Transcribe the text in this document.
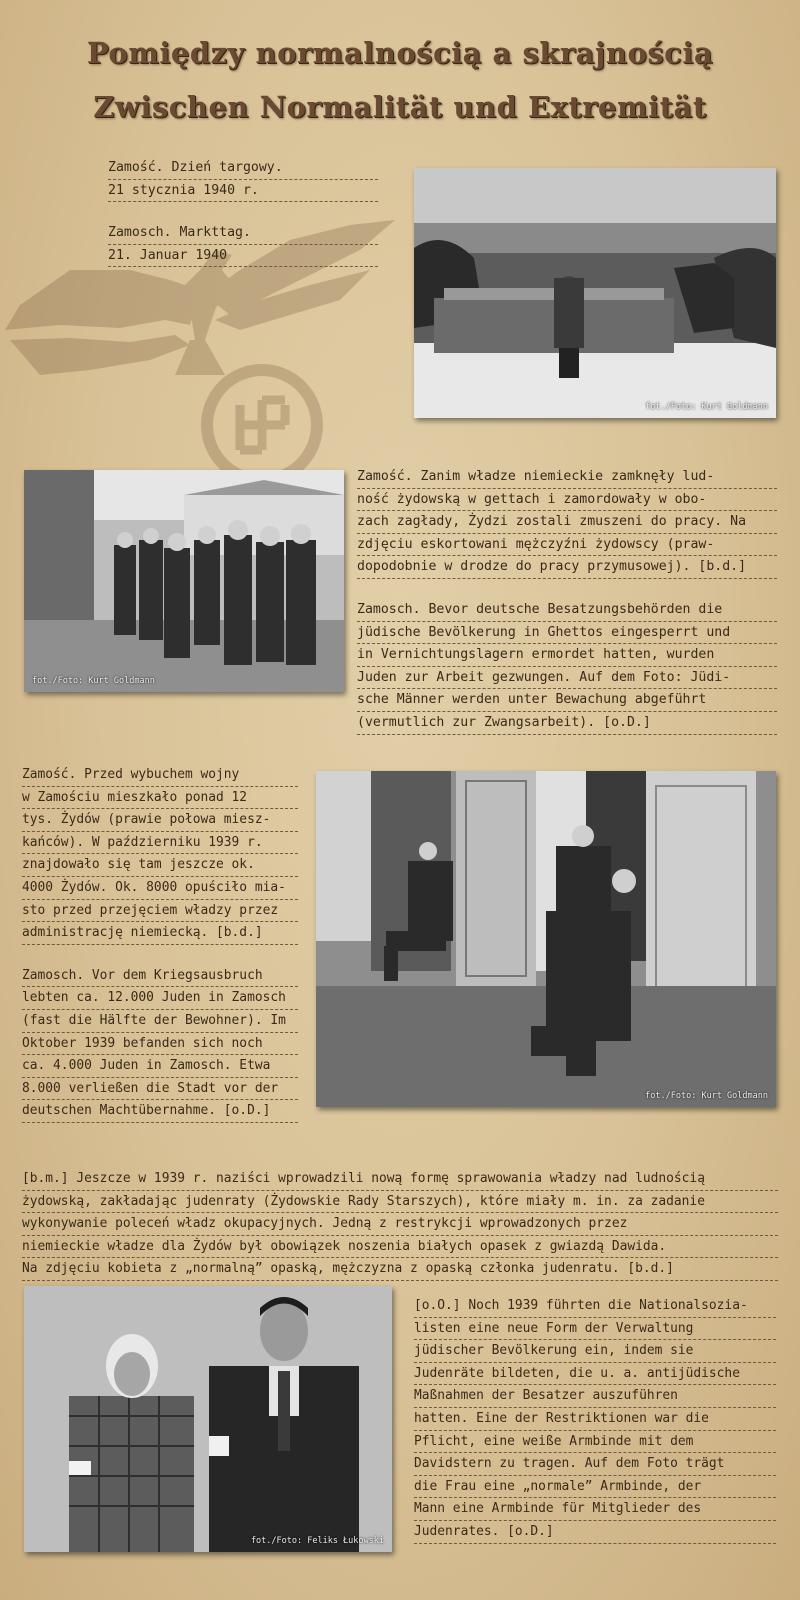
Pomiędzy normalnością a skrajnością
Zwischen Normalität und Extremität
Zamość. Dzień targowy.
21 stycznia 1940 r.
Zamosch. Markttag.
21. Januar 1940
fot./Foto: Kurt Goldmann
fot./Foto: Kurt Goldmann
Zamość. Zanim władze niemieckie zamknęły lud-
ność żydowską w gettach i zamordowały w obo-
zach zagłady, Żydzi zostali zmuszeni do pracy. Na
zdjęciu eskortowani mężczyźni żydowscy (praw-
dopodobnie w drodze do pracy przymusowej). [b.d.]
Zamosch. Bevor deutsche Besatzungsbehörden die
jüdische Bevölkerung in Ghettos eingesperrt und
in Vernichtungslagern ermordet hatten, wurden
Juden zur Arbeit gezwungen. Auf dem Foto: Jüdi-
sche Männer werden unter Bewachung abgeführt
(vermutlich zur Zwangsarbeit). [o.D.]
Zamość. Przed wybuchem wojny
w Zamościu mieszkało ponad 12
tys. Żydów (prawie połowa miesz-
kańców). W październiku 1939 r.
znajdowało się tam jeszcze ok.
4000 Żydów. Ok. 8000 opuściło mia-
sto przed przejęciem władzy przez
administrację niemiecką. [b.d.]
Zamosch. Vor dem Kriegsausbruch
lebten ca. 12.000 Juden in Zamosch
(fast die Hälfte der Bewohner). Im
Oktober 1939 befanden sich noch
ca. 4.000 Juden in Zamosch. Etwa
8.000 verließen die Stadt vor der
deutschen Machtübernahme. [o.D.]
fot./Foto: Kurt Goldmann
[b.m.] Jeszcze w 1939 r. naziści wprowadzili nową formę sprawowania władzy nad ludnością
żydowską, zakładając judenraty (Żydowskie Rady Starszych), które miały m. in. za zadanie
wykonywanie poleceń władz okupacyjnych. Jedną z restrykcji wprowadzonych przez
niemieckie władze dla Żydów był obowiązek noszenia białych opasek z gwiazdą Dawida.
Na zdjęciu kobieta z „normalną” opaską, mężczyzna z opaską członka judenratu. [b.d.]
fot./Foto: Feliks Łukowski
[o.O.] Noch 1939 führten die Nationalsozia-
listen eine neue Form der Verwaltung
jüdischer Bevölkerung ein, indem sie
Judenräte bildeten, die u. a. antijüdische
Maßnahmen der Besatzer auszuführen
hatten. Eine der Restriktionen war die
Pflicht, eine weiße Armbinde mit dem
Davidstern zu tragen. Auf dem Foto trägt
die Frau eine „normale” Armbinde, der
Mann eine Armbinde für Mitglieder des
Judenrates. [o.D.]
